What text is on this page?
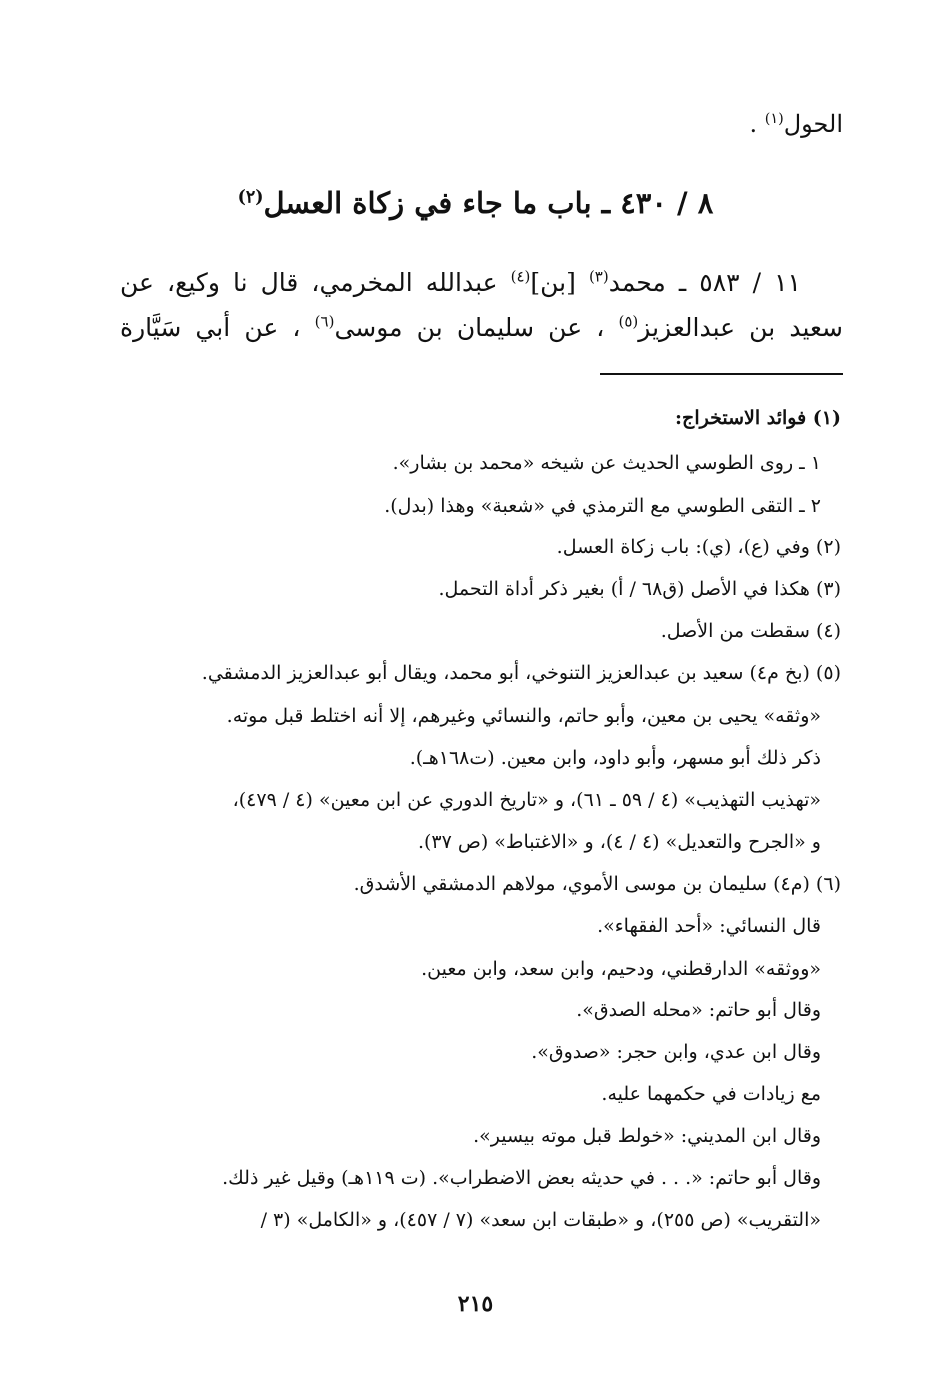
الحول$^{(١)}$ .
٨ / ٤٣٠ ـ باب ما جاء في زكاة العسل$^{(٢)}$
١١ / ٥٨٣ ـ محمد$^{(٣)}$ [بن]$^{(٤)}$ عبدالله المخرمي، قال نا وكيع، عن
سعيد بن عبدالعزيز$^{(٥)}$ ، عن سليمان بن موسى$^{(٦)}$ ، عن أبي سَيَّارة
(١) فوائد الاستخراج:
١ ـ روى الطوسي الحديث عن شيخه «محمد بن بشار».
٢ ـ التقى الطوسي مع الترمذي في «شعبة» وهذا (بدل).
(٢) وفي (ع)، (ي): باب زكاة العسل.
(٣) هكذا في الأصل (ق٦٨ / أ) بغير ذكر أداة التحمل.
(٤) سقطت من الأصل.
(٥) (بخ م٤) سعيد بن عبدالعزيز التنوخي، أبو محمد، ويقال أبو عبدالعزيز الدمشقي.
«وثقه» يحيى بن معين، وأبو حاتم، والنسائي وغيرهم، إلا أنه اختلط قبل موته.
ذكر ذلك أبو مسهر، وأبو داود، وابن معين. (ت١٦٨هـ).
«تهذيب التهذيب» (٤ / ٥٩ ـ ٦١)، و «تاريخ الدوري عن ابن معين» (٤ / ٤٧٩)،
و «الجرح والتعديل» (٤ / ٤)، و «الاغتباط» (ص ٣٧).
(٦) (م٤) سليمان بن موسى الأموي، مولاهم الدمشقي الأشدق.
قال النسائي: «أحد الفقهاء».
«ووثقه» الدارقطني، ودحيم، وابن سعد، وابن معين.
وقال أبو حاتم: «محله الصدق».
وقال ابن عدي، وابن حجر: «صدوق».
مع زيادات في حكمهما عليه.
وقال ابن المديني: «خولط قبل موته بيسير».
وقال أبو حاتم: «. . . في حديثه بعض الاضطراب». (ت ١١٩هـ) وقيل غير ذلك.
«التقريب» (ص ٢٥٥)، و «طبقات ابن سعد» (٧ / ٤٥٧)، و «الكامل» (٣ /
٢١٥
